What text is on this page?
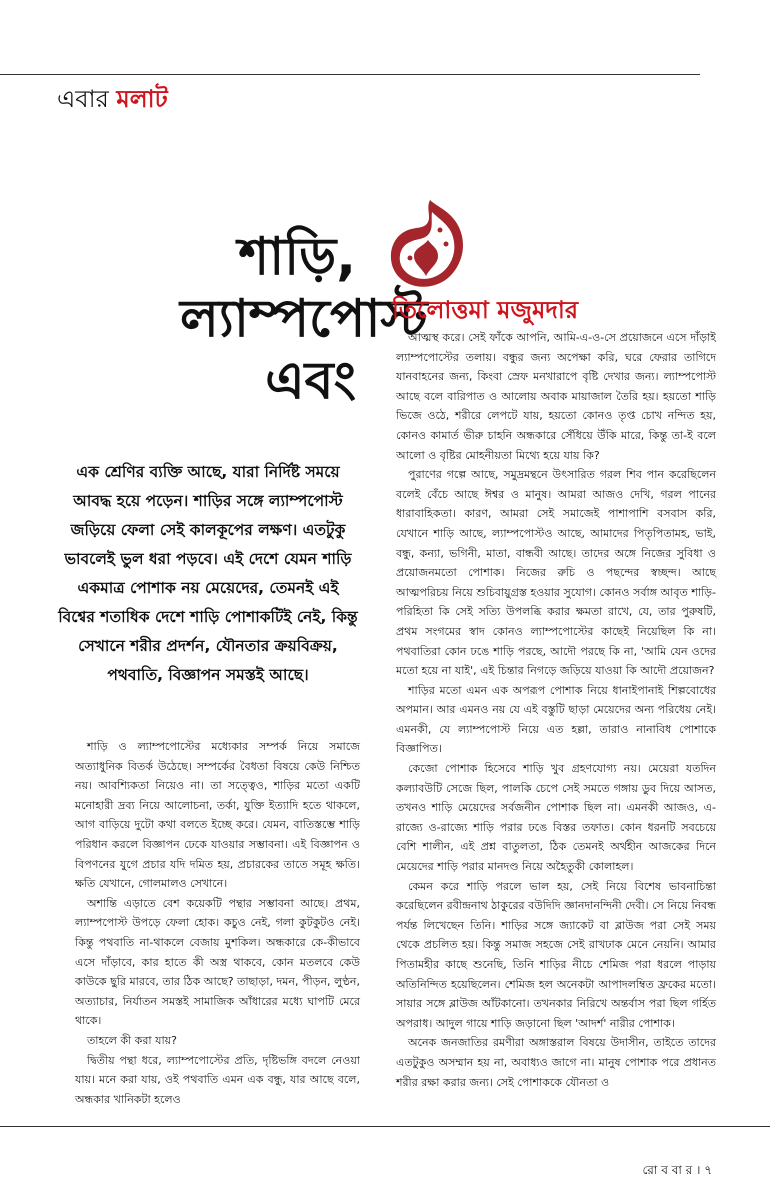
এবার মলাট
শাড়ি, ল্যাম্পপোস্ট এবং
তিলোত্তমা মজুমদার
এক শ্রেণির ব্যক্তি আছে, যারা নির্দিষ্ট সময়ে আবদ্ধ হয়ে পড়েন। শাড়ির সঙ্গে ল্যাম্পপোস্ট জড়িয়ে ফেলা সেই কালকূপের লক্ষণ। এতটুকু ভাবলেই ভুল ধরা পড়বে। এই দেশে যেমন শাড়ি একমাত্র পোশাক নয় মেয়েদের, তেমনই এই বিশ্বের শতাধিক দেশে শাড়ি পোশাকটিই নেই, কিন্তু সেখানে শরীর প্রদর্শন, যৌনতার ক্রয়বিক্রয়, পথবাতি, বিজ্ঞাপন সমস্তই আছে।

শাড়ি ও ল্যাম্পপোস্টের মধ্যেকার সম্পর্ক নিয়ে সমাজে অত্যাধুনিক বিতর্ক উঠেছে। সম্পর্কের বৈধতা বিষয়ে কেউ নিশ্চিত নয়। আবশ্যিকতা নিয়েও না। তা সত্ত্বেও, শাড়ির মতো একটি মনোহারী দ্রব্য নিয়ে আলোচনা, তর্কা, যুক্তি ইত্যাদি হতে থাকলে, আগ বাড়িয়ে দুটো কথা বলতে ইচ্ছে করে। যেমন, বাতিস্তম্ভে শাড়ি পরিধান করলে বিজ্ঞাপন ঢেকে যাওয়ার সম্ভাবনা। এই বিজ্ঞাপন ও বিপণনের যুগে প্রচার যদি দমিত হয়, প্রচারকের তাতে সমূহ ক্ষতি। ক্ষতি যেখানে, গোলমালও সেখানে।

অশান্তি এড়াতে বেশ কয়েকটি পন্থার সম্ভাবনা আছে। প্রথম, ল্যাম্পপোস্ট উপড়ে ফেলা হোক। কচুও নেই, গলা কুটকুটও নেই। কিন্তু পথবাতি না-থাকলে বেজায় মুশকিল। অন্ধকারে কে-কীভাবে এসে দাঁড়াবে, কার হাতে কী অস্ত্র থাকবে, কোন মতলবে কেউ কাউকে ছুরি মারবে, তার ঠিক আছে? তাছাড়া, দমন, পীড়ন, লুণ্ঠন, অত্যাচার, নির্যাতন সমস্তই সামাজিক আঁধারের মধ্যে ঘাপটি মেরে থাকে।

তাহলে কী করা যায়?

দ্বিতীয় পন্থা ধরে, ল্যাম্পপোস্টের প্রতি, দৃষ্টিভঙ্গি বদলে নেওয়া যায়। মনে করা যায়, ওই পথবাতি এমন এক বন্ধু, যার আছে বলে, অন্ধকার খানিকটা হলেও

আত্মস্থ করে। সেই ফাঁকে আপনি, আমি-এ-ও-সে প্রয়োজনে এসে দাঁড়াই ল্যাম্পপোস্টের তলায়। বন্ধুর জন্য অপেক্ষা করি, ঘরে ফেরার তাগিদে যানবাহনের জন্য, কিংবা স্রেফ মনখারাপে বৃষ্টি দেখার জন্য। ল্যাম্পপোস্ট আছে বলে বারিপাত ও আলোয় অবাক মায়াজাল তৈরি হয়। হয়তো শাড়ি ভিজে ওঠে, শরীরে লেপটে যায়, হয়তো কোনও তৃপ্ত চোখ নন্দিত হয়, কোনও কামার্ত ভীরু চাহনি অন্ধকারে সেঁধিয়ে উঁকি মারে, কিন্তু তা-ই বলে আলো ও বৃষ্টির মোহনীয়তা মিথ্যে হয়ে যায় কি?

পুরাণের গল্পে আছে, সমুদ্রমন্থনে উৎসারিত গরল শিব পান করেছিলেন বলেই বেঁচে আছে ঈশ্বর ও মানুষ। আমরা আজও দেখি, গরল পানের ধারাবাহিকতা। কারণ, আমরা সেই সমাজেই পাশাপাশি বসবাস করি, যেখানে শাড়ি আছে, ল্যাম্পপোস্টও আছে, আমাদের পিতৃপিতামহ, ভাই, বন্ধু, কন্যা, ভগিনী, মাতা, বান্ধবী আছে। তাদের অঙ্গে নিজের সুবিধা ও প্রয়োজনমতো পোশাক। নিজের রুচি ও পছন্দের স্বচ্ছন্দ। আছে আত্মপরিচয় নিয়ে শুচিবায়ুগ্রস্ত হওয়ার সুযোগ। কোনও সর্বাঙ্গ আবৃত শাড়ি-পরিহিতা কি সেই সত্যি উপলব্ধি করার ক্ষমতা রাখে, যে, তার পুরুষটি, প্রথম সংগমের স্বাদ কোনও ল্যাম্পপোস্টের কাছেই নিয়েছিল কি না। পথবাতিরা কোন ঢঙে শাড়ি পরছে, আদৌ পরছে কি না, 'আমি যেন ওদের মতো হয়ে না যাই', এই চিন্তার নিগড়ে জড়িয়ে যাওয়া কি আদৌ প্রয়োজন?

শাড়ির মতো এমন এক অপরূপ পোশাক নিয়ে ধানাইপানাই শিল্পবোধের অপমান। আর এমনও নয় যে এই বস্তুটি ছাড়া মেয়েদের অন্য পরিধেয় নেই। এমনকী, যে ল্যাম্পপোস্ট নিয়ে এত হল্লা, তারাও নানাবিধ পোশাকে বিজ্ঞাপিত।

কেজো পোশাক হিসেবে শাড়ি খুব গ্রহণযোগ্য নয়। মেয়েরা যতদিন কল্যাবউটি সেজে ছিল, পালকি চেপে সেই সমতে গঙ্গায় ডুব দিয়ে আসত, তখনও শাড়ি মেয়েদের সর্বজনীন পোশাক ছিল না। এমনকী আজও, এ-রাজ্যে ও-রাজ্যে শাড়ি পরার ঢঙে বিস্তর তফাত। কোন ধরনটি সবচেয়ে বেশি শালীন, এই প্রশ্ন বাতুলতা, ঠিক তেমনই অর্থহীন আজকের দিনে মেয়েদের শাড়ি পরার মানদণ্ড নিয়ে অহৈতুকী কোলাহল।

কেমন করে শাড়ি পরলে ভাল হয়, সেই নিয়ে বিশেষ ভাবনাচিন্তা করেছিলেন রবীন্দ্রনাথ ঠাকুরের বউদিদি জ্ঞানদানন্দিনী দেবী। সে নিয়ে নিবন্ধ পর্যন্ত লিখেছেন তিনি। শাড়ির সঙ্গে জ্যাকেট বা ব্লাউজ পরা সেই সময় থেকে প্রচলিত হয়। কিন্তু সমাজ সহজে সেই রাখঢাক মেনে নেয়নি। আমার পিতামহীর কাছে শুনেছি, তিনি শাড়ির নীচে শেমিজ পরা ধরলে পাড়ায় অতিনিন্দিত হয়েছিলেন। শেমিজ হল অনেকটা আপাদলম্বিত ফ্রকের মতো। সায়ার সঙ্গে ব্লাউজ আঁটকানো। তখনকার নিরিখে অন্তর্বাস পরা ছিল গর্হিত অপরাধ। আদুল গায়ে শাড়ি জড়ানো ছিল 'আদর্শ' নারীর পোশাক।

অনেক জনজাতির রমণীরা অঙ্গাস্তরাল বিষয়ে উদাসীন, তাইতে তাদের এতটুকুও অসম্মান হয় না, অবাধ্যও জাগে না। মানুষ পোশাক পরে প্রধানত শরীর রক্ষা করার জন্য। সেই পোশাককে যৌনতা ও

রো ব বা র । ৭
